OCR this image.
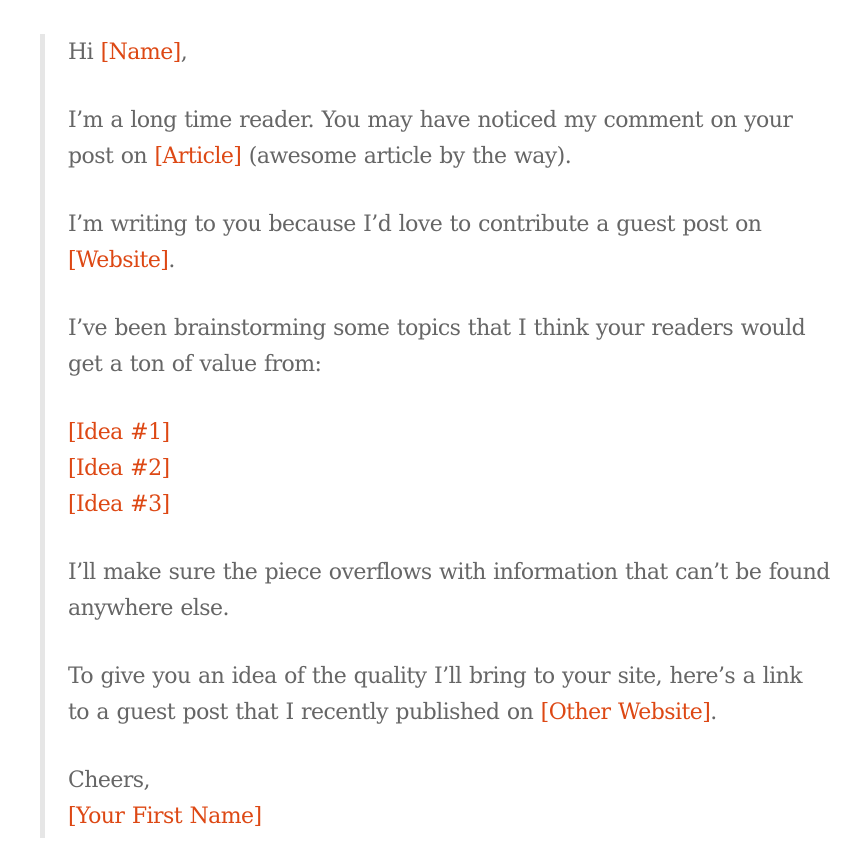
Hi [Name],

I’m a long time reader. You may have noticed my comment on your post on [Article] (awesome article by the way).

I’m writing to you because I’d love to contribute a guest post on [Website].

I’ve been brainstorming some topics that I think your readers would get a ton of value from:

[Idea #1]
[Idea #2]
[Idea #3]

I’ll make sure the piece overflows with information that can’t be found anywhere else.

To give you an idea of the quality I’ll bring to your site, here’s a link to a guest post that I recently published on [Other Website].

Cheers,
[Your First Name]
